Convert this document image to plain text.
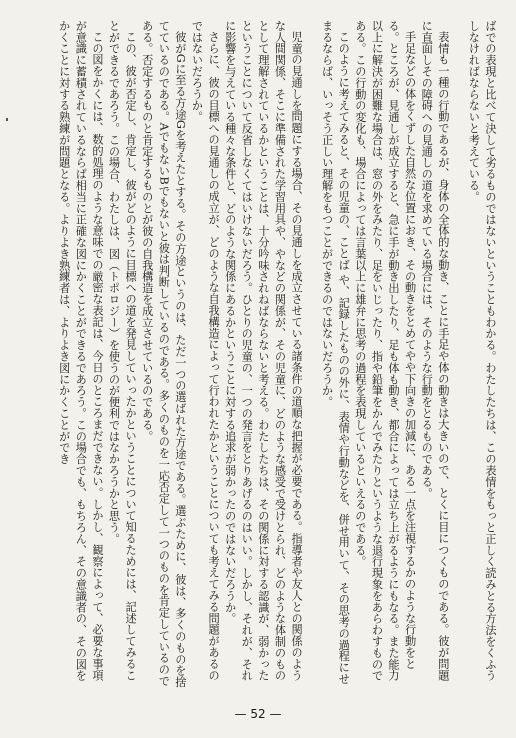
ばでの表現と比べて決して劣るものではないということもわかる。わたしたちは、この表情をもっと正しく読みとる方法をくふうしなければならないと考えている。

表情も一種の行動であるが、身体の全体的な動き、ことに手足や体の動きは大きいので、とくに目につくものである。彼が問題に直面しその障碍への見通しの道を求めている場合には、そのような行動をとるものである。

手足などの体をくずした自然な位置におき、その動きをとめてやや下向きの加減に、ある一点を注視するかのような行動をとる。ところが、見通しが成立すると、急に手が動き出したり、足も体も動き、都合によっては立ち上がるようにもなる。また能力以上に解決が困難な場合は、窓の外をみたり、足をいじったり、指や鉛筆をかんでみたりというような退行現象をあらわすものである。この行動の変化も、場合によっては言葉以上に雄弁に思考の過程を表現しているといえるのである。

このように考えてみると、その児童の、ことば や、記録したものの外に、表情や行動などを、併せ用いて、その思考の過程にせまるならば、いっそう正しい理解をもつことができるのではないだろうか。

児童の見通しを問題にする場合、その見通しを成立させている諸条件の道順な把握が必要である。指導者や友人との関係のような人間関係、そこに準備された学習用具や、やなどの関係が、その児童に、どのような感受で受けとられ、どのような体制のものとして理解されているかということは、十分吟味されねばならないと考える。わたしたちは、その関係に対する認識が、弱かったということについて反省しなくてはいけないだろう。ひとりの児童の、一つの発言をとりあげるのはいい。しかし、それが、それに影響を与えている種々な条件と、どのような関係にあるかということに対する追求が弱かったのではないだろうか。

さらに、彼の目標への見通しの成立が、どのような自我構造によって行われたかということについても考えてみる問題があるのではないだろうか。

彼がGに至る方途Gを考えたとする。その方途というのは、ただ一つの選ばれた方途である。選ぶために、彼は、多くのものを捨てているのである。AでもないBでもないと彼は判断しているのである。多くのものを一応否定して一つのものを肯定しているのである。否定するものと肯定するものとが彼の自我構造を成立させているのである。

この、彼が否定し、肯定し、彼がどのように目標への道を発見していったかということについて知るためには、記述してみることができるであろう。この場合、わたしは、図（トポロジー）を使うのが便利ではなかろうかと思う。

この図をかくには、数的処理のような意味での厳密な表記は、今日のところまだできない。しかし、観察によって、必要な事項が意識に蓄積されているならば相当に正確な図にかくことができるであろう。この場合でも、もちろん、その意識者の、その図をかくことに対する熟練が問題となる。よりよき熟練者は、よりよき図にかくことができ

— 52 —
